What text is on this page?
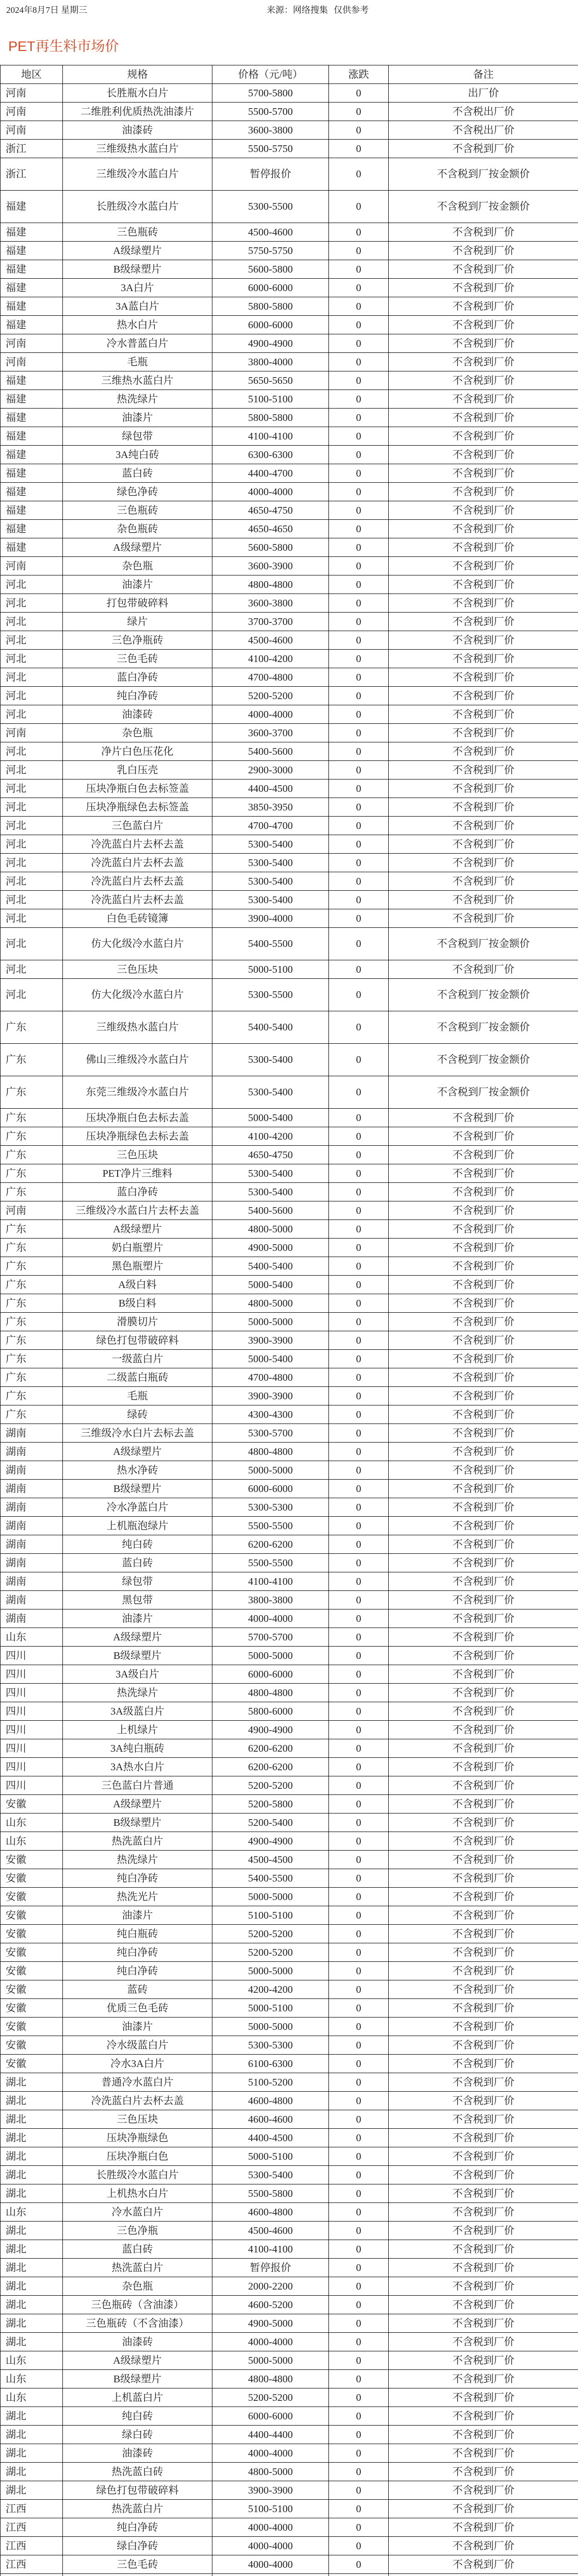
2024年8月7日 星期三	来源：网络搜集 仅供参考
PET再生料市场价
地区	规格	价格（元/吨）	涨跌	备注
河南	长胜瓶水白片	5700-5800	0	出厂价
河南	二维胜利优质热洗油漆片	5500-5700	0	不含税出厂价
河南	油漆砖	3600-3800	0	不含税出厂价
浙江	三维级热水蓝白片	5500-5750	0	不含税到厂价
浙江	三维级冷水蓝白片	暂停报价	0	不含税到厂按金额价
福建	长胜级冷水蓝白片	5300-5500	0	不含税到厂按金额价
福建	三色瓶砖	4500-4600	0	不含税到厂价
福建	A级绿塑片	5750-5750	0	不含税到厂价
福建	B级绿塑片	5600-5800	0	不含税到厂价
福建	3A白片	6000-6000	0	不含税到厂价
福建	3A蓝白片	5800-5800	0	不含税到厂价
福建	热水白片	6000-6000	0	不含税到厂价
河南	冷水普蓝白片	4900-4900	0	不含税到厂价
河南	毛瓶	3800-4000	0	不含税到厂价
福建	三维热水蓝白片	5650-5650	0	不含税到厂价
福建	热洗绿片	5100-5100	0	不含税到厂价
福建	油漆片	5800-5800	0	不含税到厂价
福建	绿包带	4100-4100	0	不含税到厂价
福建	3A纯白砖	6300-6300	0	不含税到厂价
福建	蓝白砖	4400-4700	0	不含税到厂价
福建	绿色净砖	4000-4000	0	不含税到厂价
福建	三色瓶砖	4650-4750	0	不含税到厂价
福建	杂色瓶砖	4650-4650	0	不含税到厂价
福建	A级绿塑片	5600-5800	0	不含税到厂价
河南	杂色瓶	3600-3900	0	不含税到厂价
河北	油漆片	4800-4800	0	不含税到厂价
河北	打包带破碎料	3600-3800	0	不含税到厂价
河北	绿片	3700-3700	0	不含税到厂价
河北	三色净瓶砖	4500-4600	0	不含税到厂价
河北	三色毛砖	4100-4200	0	不含税到厂价
河北	蓝白净砖	4700-4800	0	不含税到厂价
河北	纯白净砖	5200-5200	0	不含税到厂价
河北	油漆砖	4000-4000	0	不含税到厂价
河南	杂色瓶	3600-3700	0	不含税到厂价
河北	净片白色压花化	5400-5600	0	不含税到厂价
河北	乳白压壳	2900-3000	0	不含税到厂价
河北	压块净瓶白色去标签盖	4400-4500	0	不含税到厂价
河北	压块净瓶绿色去标签盖	3850-3950	0	不含税到厂价
河北	三色蓝白片	4700-4700	0	不含税到厂价
河北	冷洗蓝白片去杯去盖	5300-5400	0	不含税到厂价
河北	冷洗蓝白片去杯去盖	5300-5400	0	不含税到厂价
河北	冷洗蓝白片去杯去盖	5300-5400	0	不含税到厂价
河北	冷洗蓝白片去杯去盖	5300-5400	0	不含税到厂价
河北	白色毛砖镜簿	3900-4000	0	不含税到厂价
河北	仿大化级冷水蓝白片	5400-5500	0	不含税到厂按金额价
河北	三色压块	5000-5100	0	不含税到厂价
河北	仿大化级冷水蓝白片	5300-5500	0	不含税到厂按金额价
广东	三维级热水蓝白片	5400-5400	0	不含税到厂按金额价
广东	佛山三维级冷水蓝白片	5300-5400	0	不含税到厂按金额价
广东	东莞三维级冷水蓝白片	5300-5400	0	不含税到厂按金额价
广东	压块净瓶白色去标去盖	5000-5400	0	不含税到厂价
广东	压块净瓶绿色去标去盖	4100-4200	0	不含税到厂价
广东	三色压块	4650-4750	0	不含税到厂价
广东	PET净片三维料	5300-5400	0	不含税到厂价
广东	蓝白净砖	5300-5400	0	不含税到厂价
河南	三维级冷水蓝白片去杯去盖	5400-5600	0	不含税到厂价
广东	A级绿塑片	4800-5000	0	不含税到厂价
广东	奶白瓶塑片	4900-5000	0	不含税到厂价
广东	黑色瓶塑片	5400-5400	0	不含税到厂价
广东	A级白料	5000-5400	0	不含税到厂价
广东	B级白料	4800-5000	0	不含税到厂价
广东	滑膜切片	5000-5000	0	不含税到厂价
广东	绿色打包带破碎料	3900-3900	0	不含税到厂价
广东	一级蓝白片	5000-5400	0	不含税到厂价
广东	二级蓝白瓶砖	4700-4800	0	不含税到厂价
广东	毛瓶	3900-3900	0	不含税到厂价
广东	绿砖	4300-4300	0	不含税到厂价
湖南	三维级冷水白片去标去盖	5300-5700	0	不含税到厂价
湖南	A级绿塑片	4800-4800	0	不含税到厂价
湖南	热水净砖	5000-5000	0	不含税到厂价
湖南	B级绿塑片	6000-6000	0	不含税到厂价
湖南	冷水净蓝白片	5300-5300	0	不含税到厂价
湖南	上机瓶泡绿片	5500-5500	0	不含税到厂价
湖南	纯白砖	6200-6200	0	不含税到厂价
湖南	蓝白砖	5500-5500	0	不含税到厂价
湖南	绿包带	4100-4100	0	不含税到厂价
湖南	黑包带	3800-3800	0	不含税到厂价
湖南	油漆片	4000-4000	0	不含税到厂价
山东	A级绿塑片	5700-5700	0	不含税到厂价
四川	B级绿塑片	5000-5000	0	不含税到厂价
四川	3A级白片	6000-6000	0	不含税到厂价
四川	热洗绿片	4800-4800	0	不含税到厂价
四川	3A级蓝白片	5800-6000	0	不含税到厂价
四川	上机绿片	4900-4900	0	不含税到厂价
四川	3A纯白瓶砖	6200-6200	0	不含税到厂价
四川	3A热水白片	6200-6200	0	不含税到厂价
四川	三色蓝白片普通	5200-5200	0	不含税到厂价
安徽	A级绿塑片	5200-5800	0	不含税到厂价
山东	B级绿塑片	5200-5400	0	不含税到厂价
山东	热洗蓝白片	4900-4900	0	不含税到厂价
安徽	热洗绿片	4500-4500	0	不含税到厂价
安徽	纯白净砖	5400-5500	0	不含税到厂价
安徽	热洗光片	5000-5000	0	不含税到厂价
安徽	油漆片	5100-5100	0	不含税到厂价
安徽	纯白瓶砖	5200-5200	0	不含税到厂价
安徽	纯白净砖	5200-5200	0	不含税到厂价
安徽	纯白净砖	5000-5000	0	不含税到厂价
安徽	蓝砖	4200-4200	0	不含税到厂价
安徽	优质三色毛砖	5000-5100	0	不含税到厂价
安徽	油漆片	5000-5000	0	不含税到厂价
安徽	冷水级蓝白片	5300-5300	0	不含税到厂价
安徽	冷水3A白片	6100-6300	0	不含税到厂价
湖北	普通冷水蓝白片	5100-5200	0	不含税到厂价
湖北	冷洗蓝白片去杯去盖	4600-4800	0	不含税到厂价
湖北	三色压块	4600-4600	0	不含税到厂价
湖北	压块净瓶绿色	4400-4500	0	不含税到厂价
湖北	压块净瓶白色	5000-5100	0	不含税到厂价
湖北	长胜级冷水蓝白片	5300-5400	0	不含税到厂价
湖北	上机热水白片	5500-5800	0	不含税到厂价
山东	冷水蓝白片	4600-4800	0	不含税到厂价
湖北	三色净瓶	4500-4600	0	不含税到厂价
湖北	蓝白砖	4100-4100	0	不含税到厂价
湖北	热洗蓝白片	暂停报价	0	不含税到厂价
湖北	杂色瓶	2000-2200	0	不含税到厂价
湖北	三色瓶砖（含油漆）	4600-5200	0	不含税到厂价
湖北	三色瓶砖（不含油漆）	4900-5000	0	不含税到厂价
湖北	油漆砖	4000-4000	0	不含税到厂价
山东	A级绿塑片	5000-5000	0	不含税到厂价
山东	B级绿塑片	4800-4800	0	不含税到厂价
山东	上机蓝白片	5200-5200	0	不含税到厂价
湖北	纯白砖	6000-6000	0	不含税到厂价
湖北	绿白砖	4400-4400	0	不含税到厂价
湖北	油漆砖	4000-4000	0	不含税到厂价
湖北	热洗蓝白砖	4800-5000	0	不含税到厂价
湖北	绿色打包带破碎料	3900-3900	0	不含税到厂价
江西	热洗蓝白片	5100-5100	0	不含税到厂价
江西	纯白净砖	4000-4000	0	不含税到厂价
江西	绿白净砖	4000-4000	0	不含税到厂价
江西	三色毛砖	4000-4000	0	不含税到厂价
